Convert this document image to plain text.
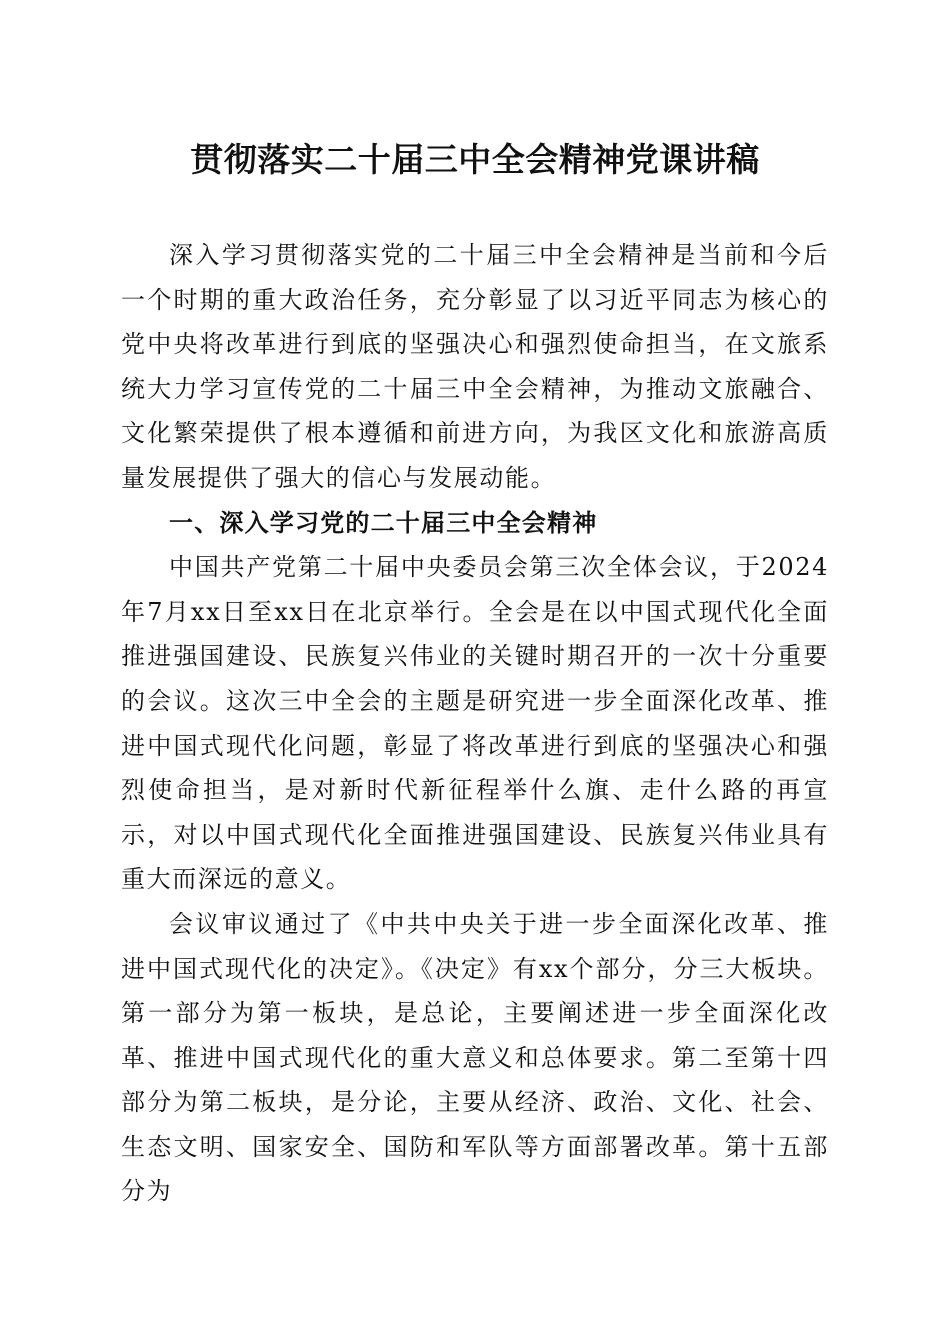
贯彻落实二十届三中全会精神党课讲稿

深入学习贯彻落实党的二十届三中全会精神是当前和今后一个时期的重大政治任务，充分彰显了以习近平同志为核心的党中央将改革进行到底的坚强决心和强烈使命担当，在文旅系统大力学习宣传党的二十届三中全会精神，为推动文旅融合、文化繁荣提供了根本遵循和前进方向，为我区文化和旅游高质量发展提供了强大的信心与发展动能。

一、深入学习党的二十届三中全会精神

中国共产党第二十届中央委员会第三次全体会议，于2024年7月xx日至xx日在北京举行。全会是在以中国式现代化全面推进强国建设、民族复兴伟业的关键时期召开的一次十分重要的会议。这次三中全会的主题是研究进一步全面深化改革、推进中国式现代化问题，彰显了将改革进行到底的坚强决心和强烈使命担当，是对新时代新征程举什么旗、走什么路的再宣示，对以中国式现代化全面推进强国建设、民族复兴伟业具有重大而深远的意义。

会议审议通过了《中共中央关于进一步全面深化改革、推进中国式现代化的决定》。《决定》有xx个部分，分三大板块。第一部分为第一板块，是总论，主要阐述进一步全面深化改革、推进中国式现代化的重大意义和总体要求。第二至第十四部分为第二板块，是分论，主要从经济、政治、文化、社会、生态文明、国家安全、国防和军队等方面部署改革。第十五部分为
